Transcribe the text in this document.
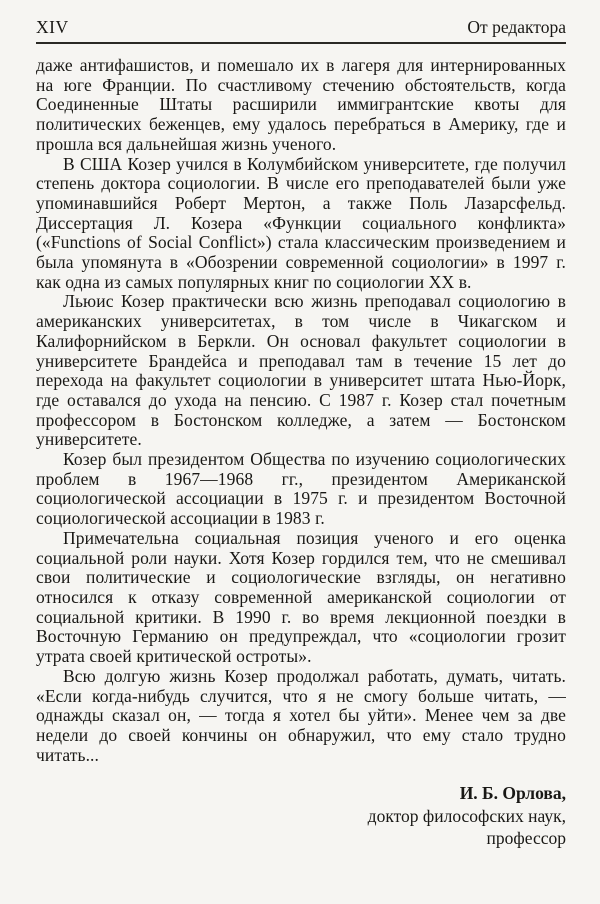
XIV	От редактора

даже антифашистов, и помешало их в лагеря для интернированных на юге Франции. По счастливому стечению обстоятельств, когда Соединенные Штаты расширили иммигрантские квоты для политических беженцев, ему удалось перебраться в Америку, где и прошла вся дальнейшая жизнь ученого.

В США Козер учился в Колумбийском университете, где получил степень доктора социологии. В числе его преподавателей были уже упоминавшийся Роберт Мертон, а также Поль Лазарсфельд. Диссертация Л. Козера «Функции социального конфликта» («Functions of Social Conflict») стала классическим произведением и была упомянута в «Обозрении современной социологии» в 1997 г. как одна из самых популярных книг по социологии XX в.

Льюис Козер практически всю жизнь преподавал социологию в американских университетах, в том числе в Чикагском и Калифорнийском в Беркли. Он основал факультет социологии в университете Брандейса и преподавал там в течение 15 лет до перехода на факультет социологии в университет штата Нью-Йорк, где оставался до ухода на пенсию. С 1987 г. Козер стал почетным профессором в Бостонском колледже, а затем — Бостонском университете.

Козер был президентом Общества по изучению социологических проблем в 1967—1968 гг., президентом Американской социологической ассоциации в 1975 г. и президентом Восточной социологической ассоциации в 1983 г.

Примечательна социальная позиция ученого и его оценка социальной роли науки. Хотя Козер гордился тем, что не смешивал свои политические и социологические взгляды, он негативно относился к отказу современной американской социологии от социальной критики. В 1990 г. во время лекционной поездки в Восточную Германию он предупреждал, что «социологии грозит утрата своей критической остроты».

Всю долгую жизнь Козер продолжал работать, думать, читать. «Если когда-нибудь случится, что я не смогу больше читать, — однажды сказал он, — тогда я хотел бы уйти». Менее чем за две недели до своей кончины он обнаружил, что ему стало трудно читать...

И. Б. Орлова,
доктор философских наук,
профессор
